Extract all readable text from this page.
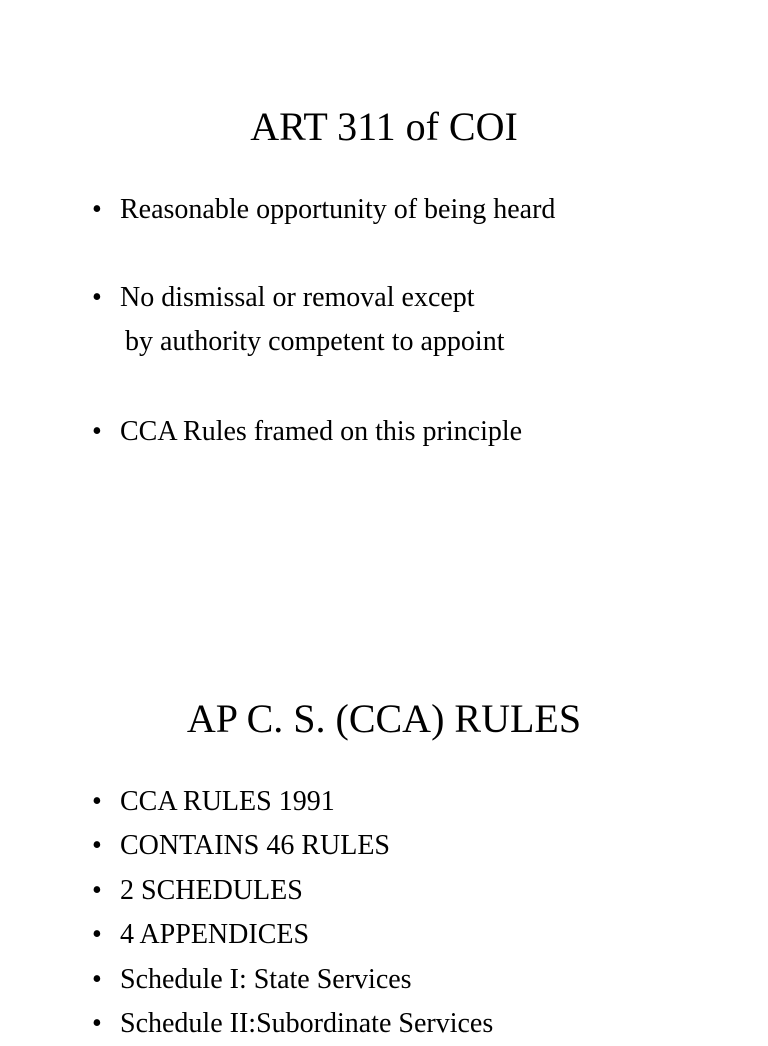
ART 311 of COI
• Reasonable opportunity of being heard
• No dismissal or removal except
by authority competent to appoint
• CCA Rules framed on this principle
AP C. S. (CCA) RULES
• CCA RULES 1991
• CONTAINS 46 RULES
• 2 SCHEDULES
• 4 APPENDICES
• Schedule I: State Services
• Schedule II:Subordinate Services
